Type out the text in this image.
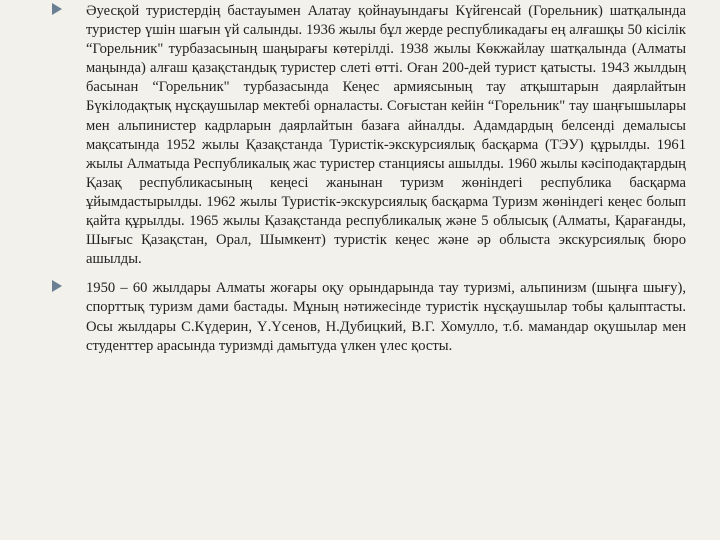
Әуесқой туристердің бастауымен Алатау қойнауындағы Күйгенсай (Горельник) шатқалында туристер үшін шағын үй салынды. 1936 жылы бұл жерде республикадағы ең алғашқы 50 кісілік “Горельник" турбазасының шаңырағы көтерілді. 1938 жылы Көкжайлау шатқалында (Алматы маңында) алғаш қазақстандық туристер слеті өтті. Оған 200-дей турист қатысты. 1943 жылдың басынан “Горельник" турбазасында Кеңес армиясының тау атқыштарын даярлайтын Бүкілодақтық нұсқаушылар мектебі орналасты. Соғыстан кейін “Горельник" тау шаңғышылары мен альпинистер кадрларын даярлайтын базаға айналды. Адамдардың белсенді демалысы мақсатында 1952 жылы Қазақстанда Туристік-экскурсиялық басқарма (ТЭУ) құрылды. 1961 жылы Алматыда Республикалық жас туристер станциясы ашылды. 1960 жылы кәсіподақтардың Қазақ республикасының кеңесі жанынан туризм жөніндегі республика басқарма ұйымдастырылды. 1962 жылы Туристік-экскурсиялық басқарма Туризм жөніндегі кеңес болып қайта құрылды. 1965 жылы Қазақстанда республикалық және 5 облысық (Алматы, Қарағанды, Шығыс Қазақстан, Орал, Шымкент) туристік кеңес және әр облыста экскурсиялық бюро ашылды.
1950 – 60 жылдары Алматы жоғары оқу орындарында тау туризмі, альпинизм (шыңға шығу), спорттық туризм дами бастады. Мұның нәтижесінде туристік нұсқаушылар тобы қалыптасты. Осы жылдары С.Күдерин, Ү.Үсенов, Н.Дубицкий, В.Г. Хомулло, т.б. мамандар оқушылар мен студенттер арасында туризмді дамытуда үлкен үлес қосты.
